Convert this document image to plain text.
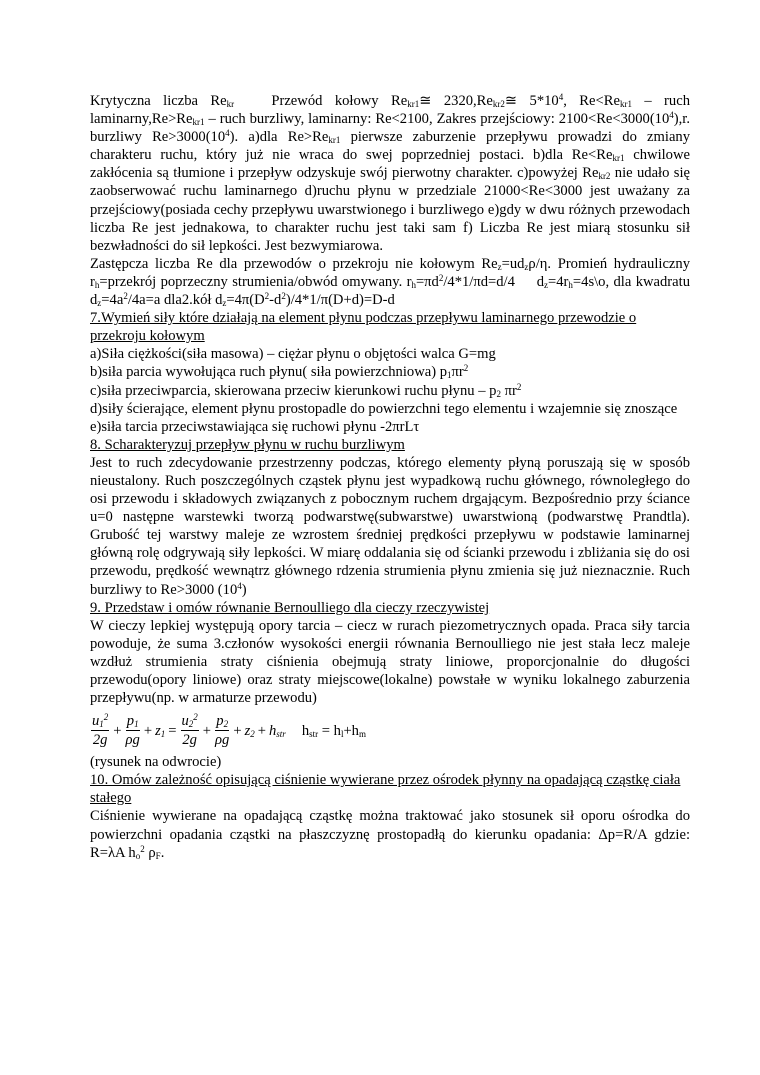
Krytyczna liczba $Re_{kr}$   Przewód kołowy $Re_{kr1}≅$ $2320,Re_{kr2}≅$ $5*10^4$, $Re<Re_{kr1}$ – ruch $laminarny,Re>Re_{kr1}$ – ruch burzliwy, laminarny: Re<2100, Zakres przejściowy: $2100<Re<3000(10^4),r$. burzliwy $Re>3000(10^4)$. a)dla $Re>Re_{kr1}$ pierwsze zaburzenie przepływu prowadzi do zmiany charakteru ruchu, który już nie wraca do swej poprzedniej postaci. b)dla $Re<Re_{kr1}$ chwilowe zakłócenia są tłumione i przepływ odzyskuje swój pierwotny charakter. c)powyżej $Re_{kr2}$ nie udało się zaobserwować ruchu laminarnego d)ruchu płynu w przedziale 21000<Re<3000 jest uważany za przejściowy(posiada cechy przepływu uwarstwionego i burzliwego e)gdy w dwu różnych przewodach liczba Re jest jednakowa, to charakter ruchu jest taki sam f) Liczba Re jest miarą stosunku sił bezwładności do sił lepkości. Jest bezwymiarowa.

Zastępcza liczba Re dla przewodów o przekroju nie kołowym $Re_z=ud_z\rho/\eta$. Promień hydrauliczny $r_h=przekrój$ poprzeczny strumienia/obwód omywany. $r_h=\pi d^2/4*1/\pi d=d/4$     $d_z=4r_h=4s\backslash o$, dla kwadratu $d_z=4a^2/4a=a$ dla2.kół $d_z=4\pi(D^2-d^2)/4*1/\pi(D+d)=D-d$

7.Wymień siły które działają na element płynu podczas przepływu laminarnego przewodzie o przekroju kołowym

a)Siła ciężkości(siła masowa) – ciężar płynu o objętości walca G=mg

b)siła parcia wywołująca ruch płynu( siła powierzchniowa) $p_1\pi r^2$

c)siła przeciwparcia, skierowana przeciw kierunkowi ruchu płynu – $p_2$ $\pi r^2$

d)siły ścierające, element płynu prostopadle do powierzchni tego elementu i wzajemnie się znoszące

e)siła tarcia przeciwstawiająca się ruchowi płynu -2πrLτ

8. Scharakteryzuj przepływ płynu w ruchu burzliwym

Jest to ruch zdecydowanie przestrzenny podczas, którego elementy płyną poruszają się w sposób nieustalony. Ruch poszczególnych cząstek płynu jest wypadkową ruchu głównego, równoległego do osi przewodu i składowych związanych z pobocznym ruchem drgającym. Bezpośrednio przy ściance u=0 następne warstewki tworzą podwarstwę(subwarstwe) uwarstwioną (podwarstwę Prandtla). Grubość tej warstwy maleje ze wzrostem średniej prędkości przepływu w podstawie laminarnej główną rolę odgrywają siły lepkości. W miarę oddalania się od ścianki przewodu i zbliżania się do osi przewodu, prędkość wewnątrz głównego rdzenia strumienia płynu zmienia się już nieznacznie. Ruch burzliwy to Re>3000 $(10^4)$

9. Przedstaw i omów równanie Bernoulliego dla cieczy rzeczywistej

W cieczy lepkiej występują opory tarcia – ciecz w rurach piezometrycznych opada. Praca siły tarcia powoduje, że suma 3.członów wysokości energii równania Bernoulliego nie jest stała lecz maleje wzdłuż strumienia straty ciśnienia obejmują straty liniowe, proporcjonalnie do długości przewodu(opory liniowe) oraz straty miejscowe(lokalne) powstałe w wyniku lokalnego zaburzenia przepływu(np. w armaturze przewodu)

$\frac{u_1^2}{2g} + \frac{p_1}{\rho g} + z_1 = \frac{u_2^2}{2g} + \frac{p_2}{\rho g} + z_2 + h_{str}$ $h_{str} = h_l+h_m$

(rysunek na odwrocie)

10. Omów zależność opisującą ciśnienie wywierane przez ośrodek płynny na opadającą cząstkę ciała stałego

Ciśnienie wywierane na opadającą cząstkę można traktować jako stosunek sił oporu ośrodka do powierzchni opadania cząstki na płaszczyznę prostopadłą do kierunku opadania: Δp=R/A gdzie: R=λA $h_o^2$ $\rho_F$.
